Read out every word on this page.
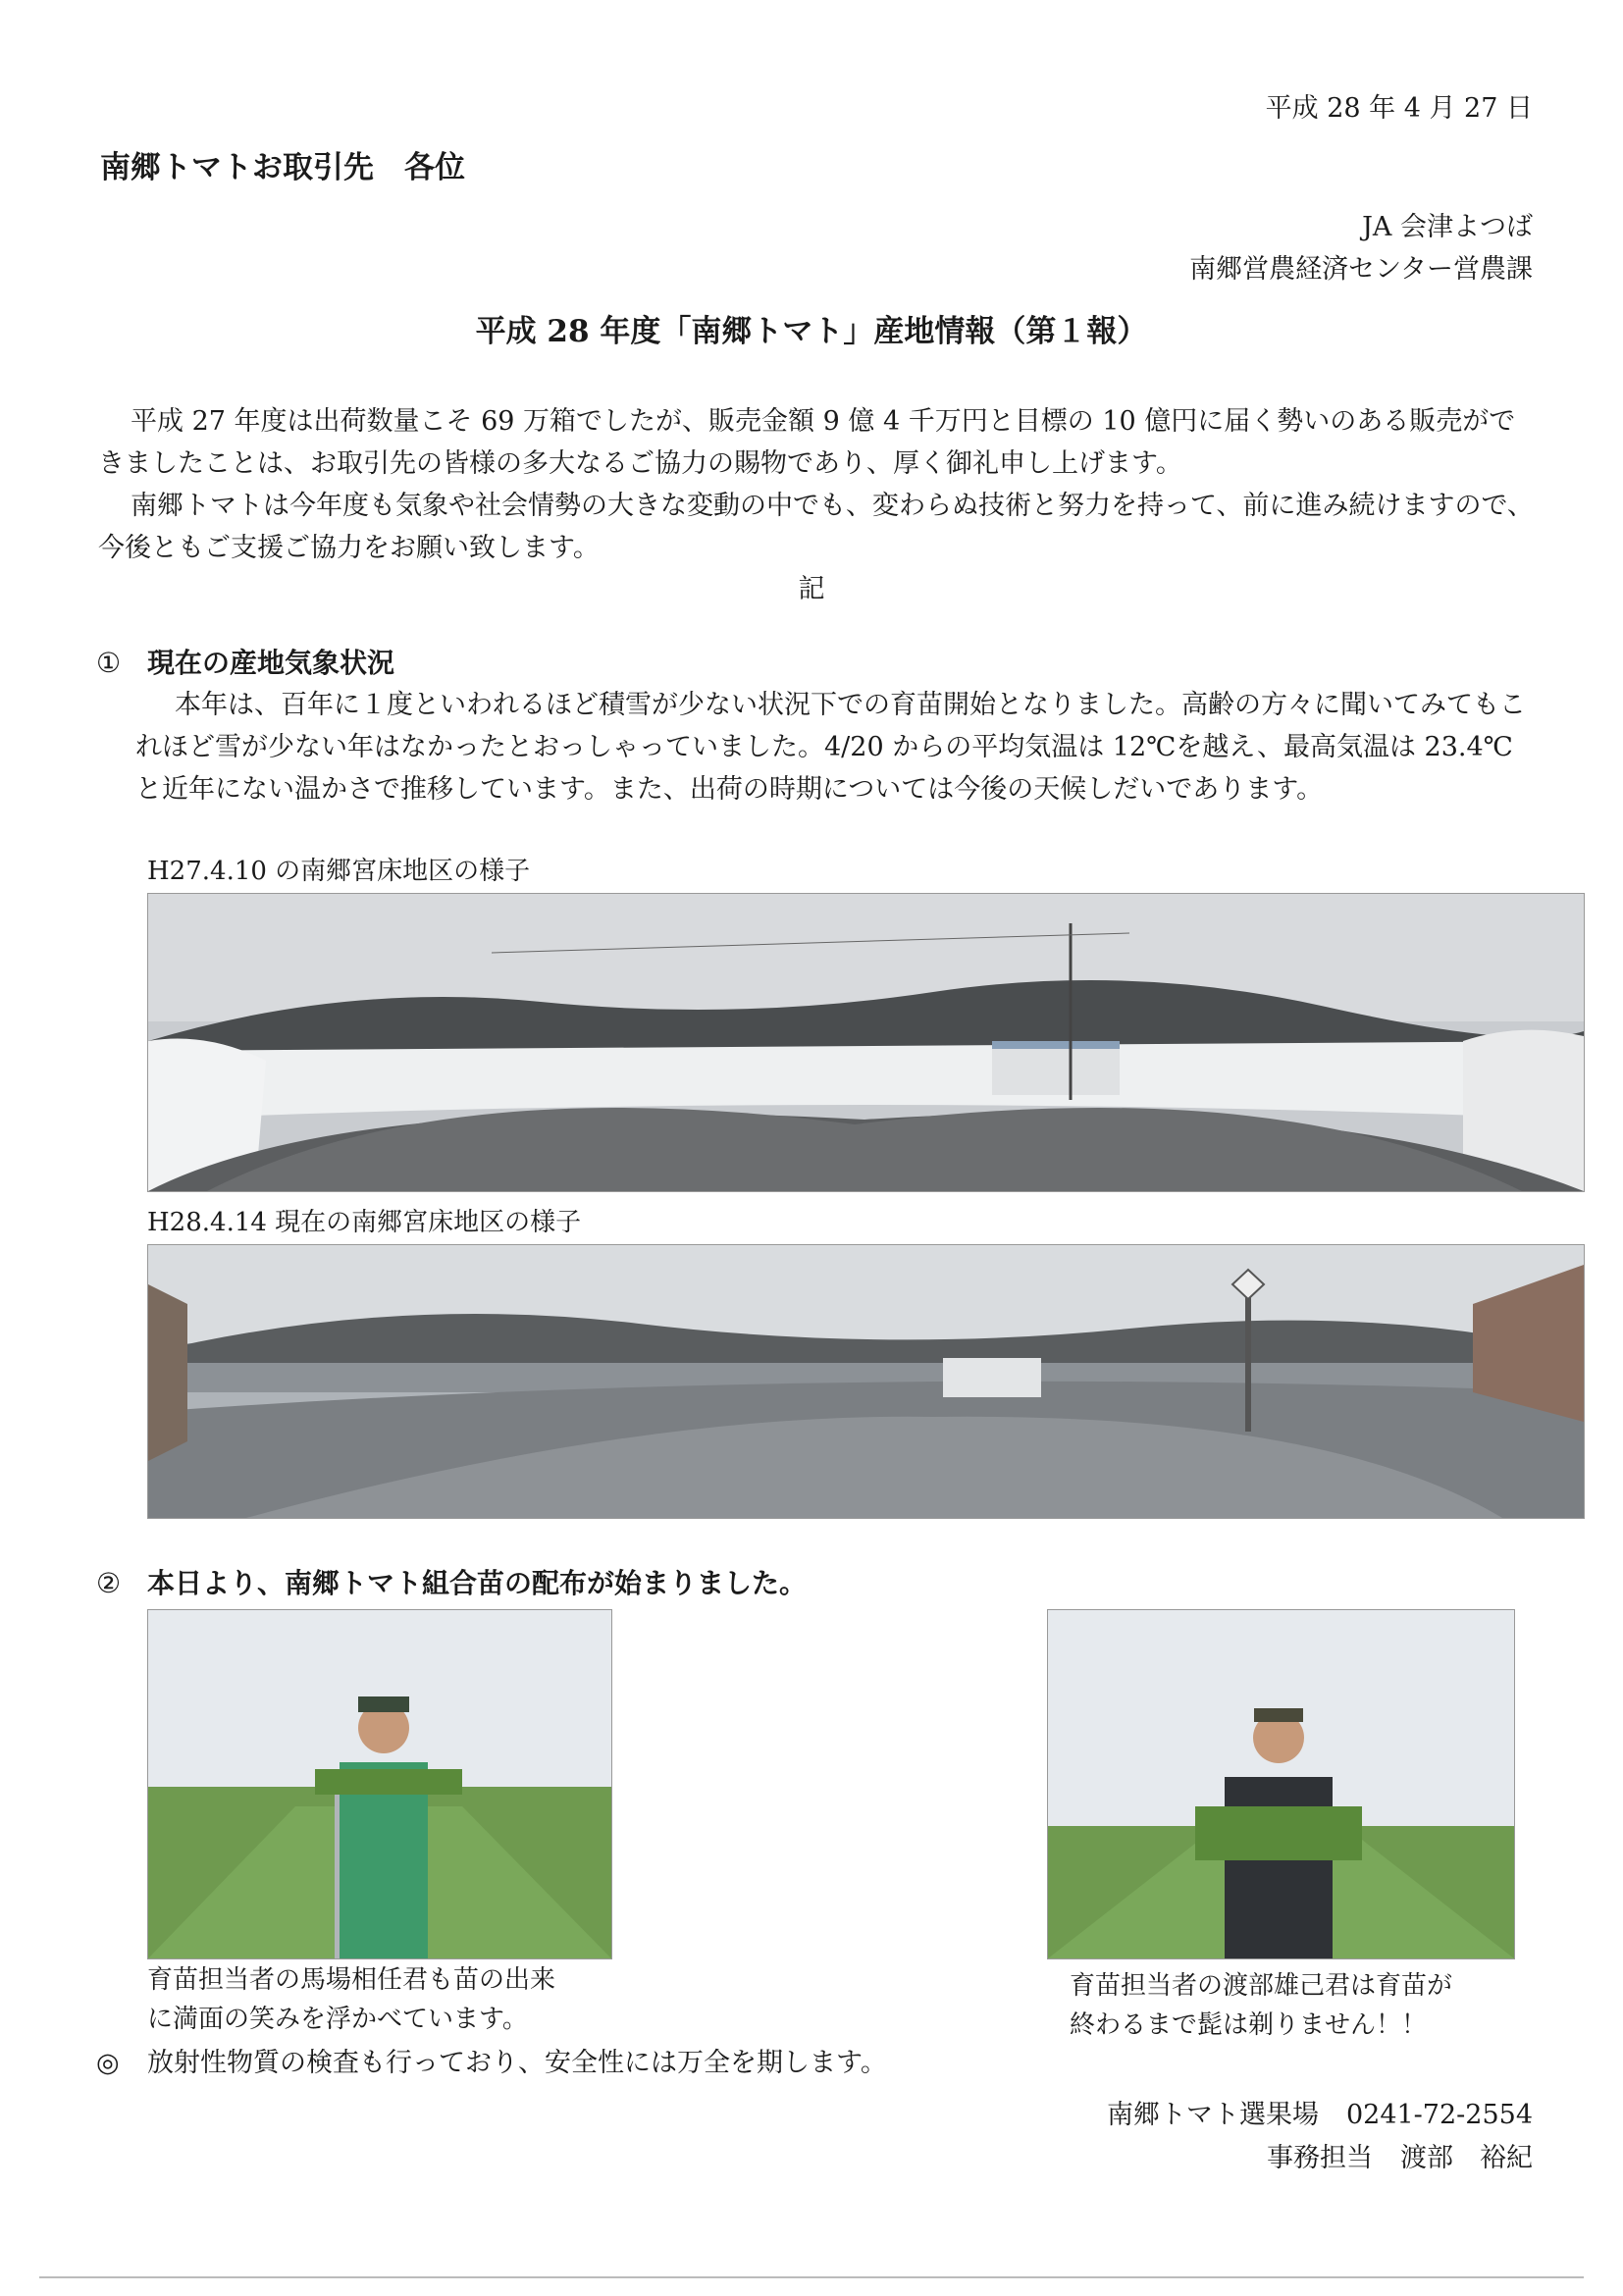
平成 28 年 4 月 27 日
南郷トマトお取引先　各位
JA 会津よつば
南郷営農経済センター営農課
平成 28 年度「南郷トマト」産地情報（第１報）

平成 27 年度は出荷数量こそ 69 万箱でしたが、販売金額 9 億 4 千万円と目標の 10 億円に届く勢いのある販売ができましたことは、お取引先の皆様の多大なるご協力の賜物であり、厚く御礼申し上げます。

南郷トマトは今年度も気象や社会情勢の大きな変動の中でも、変わらぬ技術と努力を持って、前に進み続けますので、今後ともご支援ご協力をお願い致します。

記
① 現在の産地気象状況

本年は、百年に１度といわれるほど積雪が少ない状況下での育苗開始となりました。高齢の方々に聞いてみてもこれほど雪が少ない年はなかったとおっしゃっていました。4/20 からの平均気温は 12℃を越え、最高気温は 23.4℃と近年にない温かさで推移しています。また、出荷の時期については今後の天候しだいであります。

H27.4.10 の南郷宮床地区の様子
H28.4.14 現在の南郷宮床地区の様子
② 本日より、南郷トマト組合苗の配布が始まりました。
育苗担当者の馬場相任君も苗の出来
に満面の笑みを浮かべています。
育苗担当者の渡部雄己君は育苗が
終わるまで髭は剃りません！！
◎ 放射性物質の検査も行っており、安全性には万全を期します。
南郷トマト選果場 0241-72-2554
事務担当 渡部　裕紀
